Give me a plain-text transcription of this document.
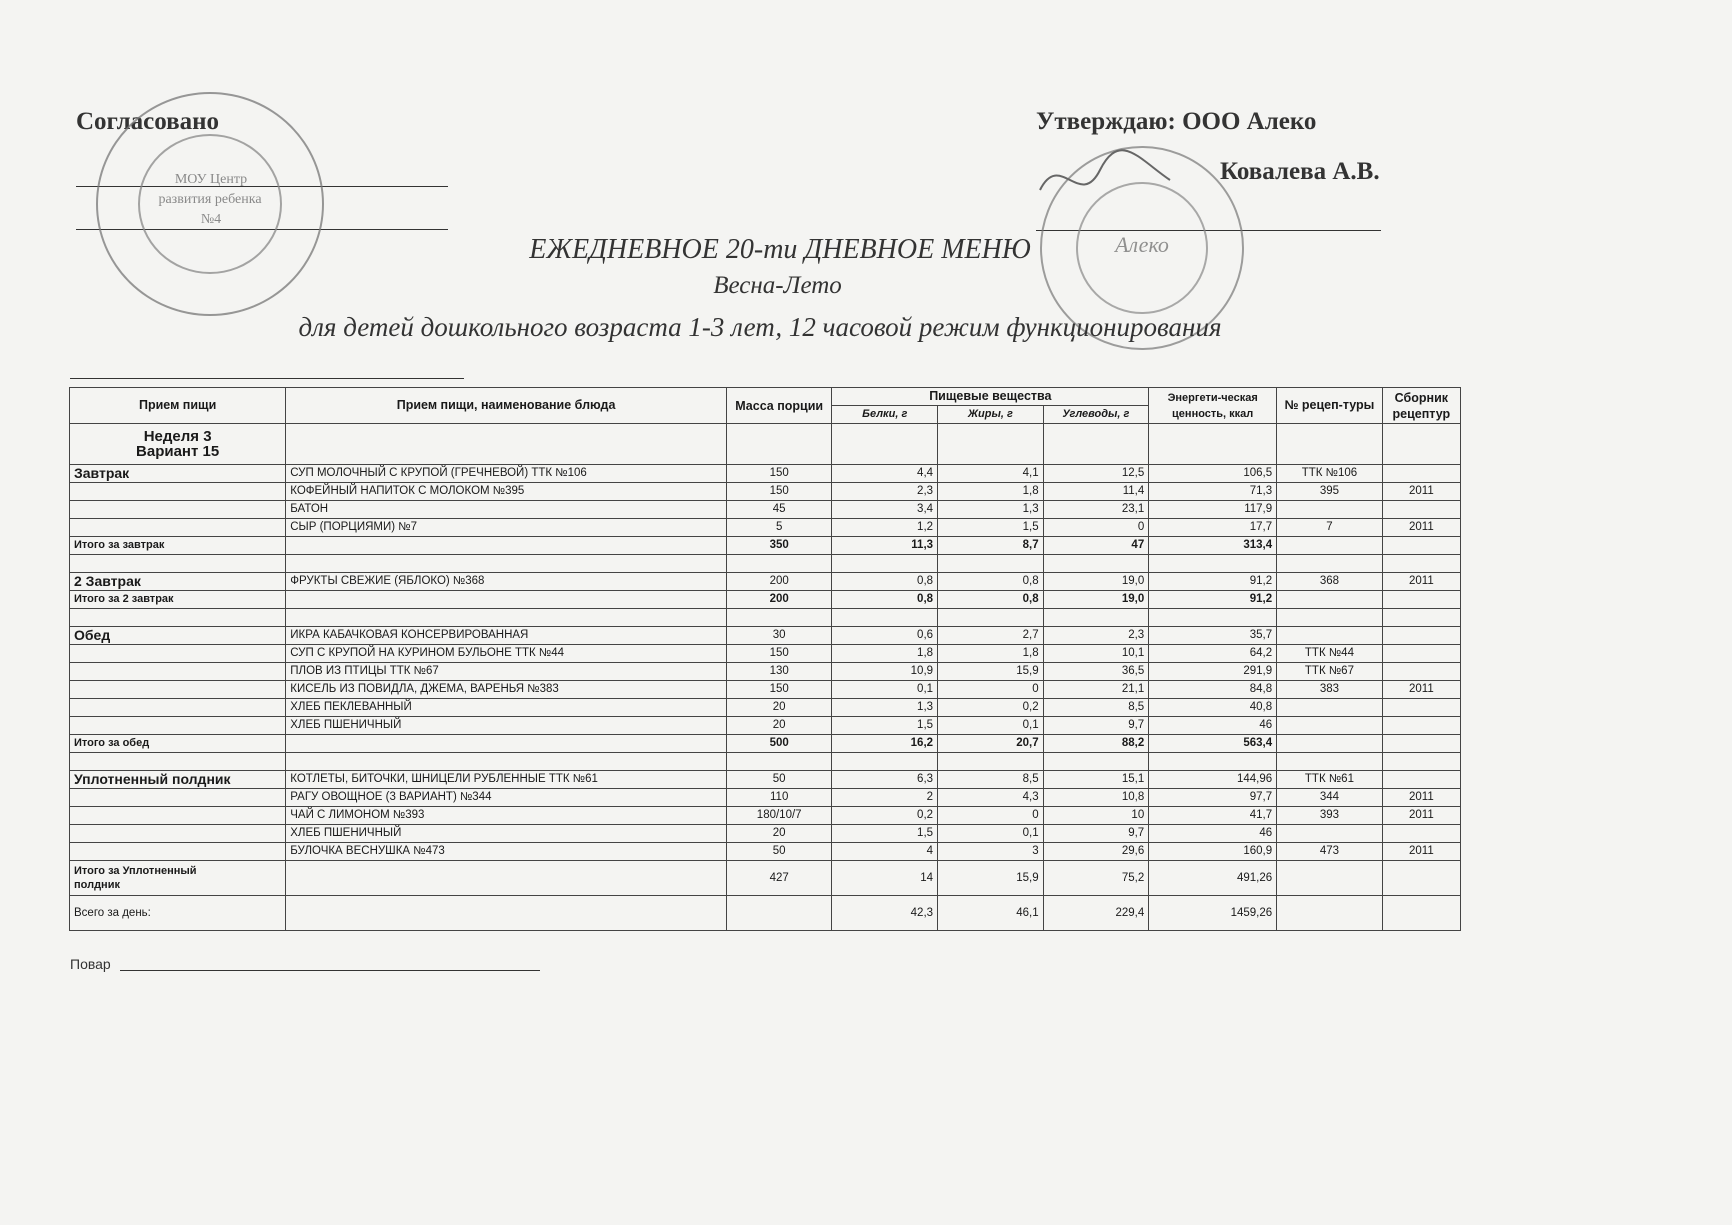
Согласовано	Утверждаю: ООО Алеко
Ковалева А.В.
МОУ Центр
развития ребенка
№4
Алеко
ЕЖЕДНЕВНОЕ 20-ти ДНЕВНОЕ МЕНЮ
Весна-Лето
для детей дошкольного возраста 1-3 лет, 12 часовой режим функционирования
Прием пищи	Прием пищи, наименование блюда	Масса порции	Пищевые вещества			Энергети-ческая ценность, ккал	№ рецеп-туры	Сборник рецептур
			Белки, г	Жиры, г	Углеводы, г			

Неделя 3
Вариант 15								

Завтрак	СУП МОЛОЧНЫЙ С КРУПОЙ (ГРЕЧНЕВОЙ) ТТК №106	150	4,4	4,1	12,5	106,5	ТТК №106	
	КОФЕЙНЫЙ НАПИТОК С МОЛОКОМ №395	150	2,3	1,8	11,4	71,3	395	2011
	БАТОН	45	3,4	1,3	23,1	117,9		
	СЫР (ПОРЦИЯМИ) №7	5	1,2	1,5	0	17,7	7	2011
Итого за завтрак		350	11,3	8,7	47	313,4		

2 Завтрак	ФРУКТЫ СВЕЖИЕ (ЯБЛОКО) №368	200	0,8	0,8	19,0	91,2	368	2011
Итого за 2 завтрак		200	0,8	0,8	19,0	91,2		

Обед	ИКРА КАБАЧКОВАЯ КОНСЕРВИРОВАННАЯ	30	0,6	2,7	2,3	35,7		
	СУП С КРУПОЙ НА КУРИНОМ БУЛЬОНЕ ТТК №44	150	1,8	1,8	10,1	64,2	ТТК №44	
	ПЛОВ ИЗ ПТИЦЫ ТТК №67	130	10,9	15,9	36,5	291,9	ТТК №67	
	КИСЕЛЬ ИЗ ПОВИДЛА, ДЖЕМА, ВАРЕНЬЯ №383	150	0,1	0	21,1	84,8	383	2011
	ХЛЕБ ПЕКЛЕВАННЫЙ	20	1,3	0,2	8,5	40,8		
	ХЛЕБ ПШЕНИЧНЫЙ	20	1,5	0,1	9,7	46		
Итого за обед		500	16,2	20,7	88,2	563,4		

Уплотненный полдник	КОТЛЕТЫ, БИТОЧКИ, ШНИЦЕЛИ РУБЛЕННЫЕ ТТК №61	50	6,3	8,5	15,1	144,96	ТТК №61	
	РАГУ ОВОЩНОЕ (3 ВАРИАНТ) №344	110	2	4,3	10,8	97,7	344	2011
	ЧАЙ С ЛИМОНОМ №393	180/10/7	0,2	0	10	41,7	393	2011
	ХЛЕБ ПШЕНИЧНЫЙ	20	1,5	0,1	9,7	46		
	БУЛОЧКА ВЕСНУШКА №473	50	4	3	29,6	160,9	473	2011

Итого за Уплотненный
полдник		427	14	15,9	75,2	491,26		
Всего за день:			42,3	46,1	229,4	1459,26		
Повар
